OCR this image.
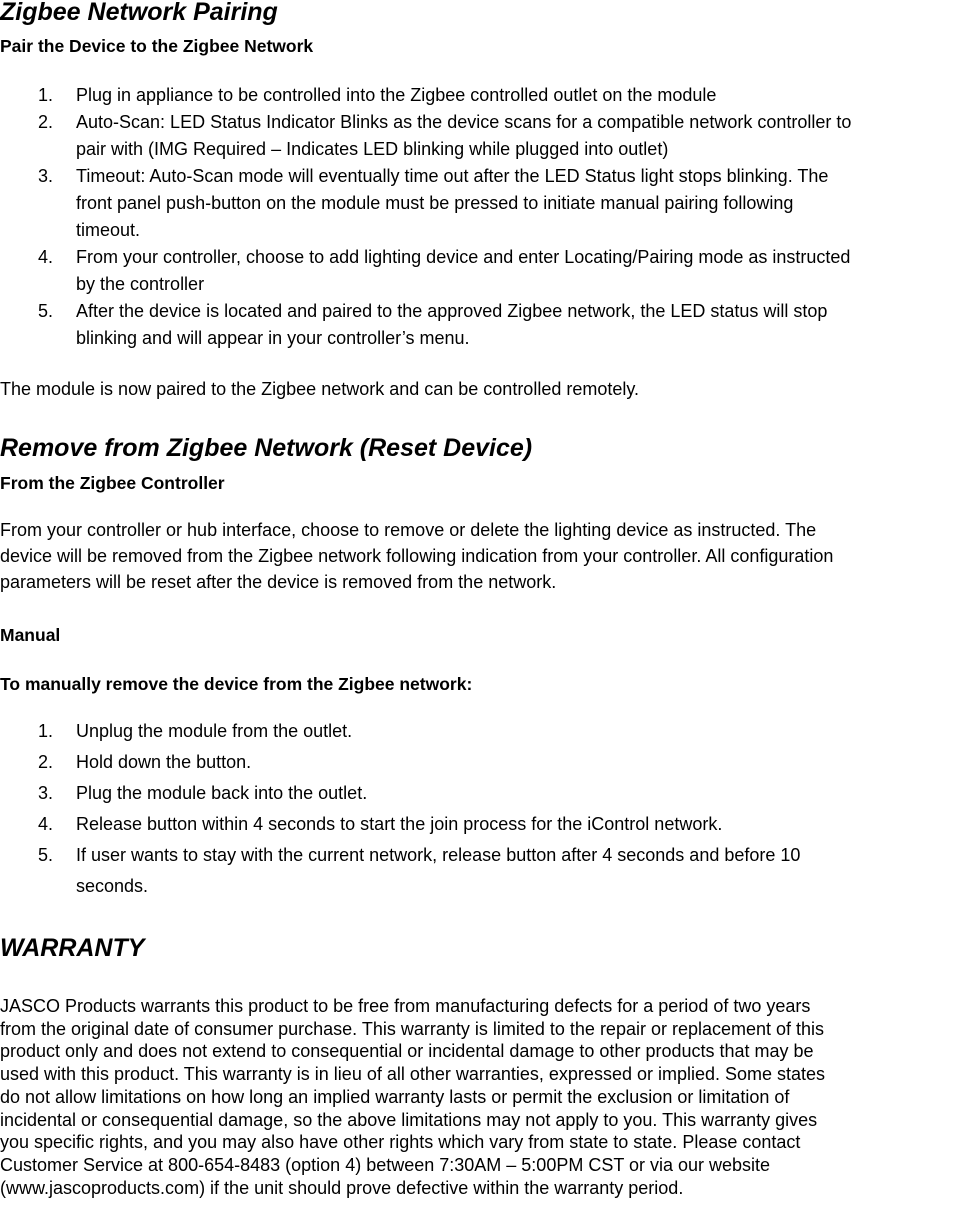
Zigbee Network Pairing
Pair the Device to the Zigbee Network
1. Plug in appliance to be controlled into the Zigbee controlled outlet on the module
2. Auto-Scan: LED Status Indicator Blinks as the device scans for a compatible network controller to
pair with (IMG Required – Indicates LED blinking while plugged into outlet)
3. Timeout: Auto-Scan mode will eventually time out after the LED Status light stops blinking. The
front panel push-button on the module must be pressed to initiate manual pairing following
timeout.
4. From your controller, choose to add lighting device and enter Locating/Pairing mode as instructed
by the controller
5. After the device is located and paired to the approved Zigbee network, the LED status will stop
blinking and will appear in your controller’s menu.
The module is now paired to the Zigbee network and can be controlled remotely.
Remove from Zigbee Network (Reset Device)
From the Zigbee Controller
From your controller or hub interface, choose to remove or delete the lighting device as instructed. The
device will be removed from the Zigbee network following indication from your controller. All configuration
parameters will be reset after the device is removed from the network.
Manual
To manually remove the device from the Zigbee network:
1. Unplug the module from the outlet.
2. Hold down the button.
3. Plug the module back into the outlet.
4. Release button within 4 seconds to start the join process for the iControl network.
5. If user wants to stay with the current network, release button after 4 seconds and before 10
seconds.
WARRANTY
JASCO Products warrants this product to be free from manufacturing defects for a period of two years
from the original date of consumer purchase. This warranty is limited to the repair or replacement of this
product only and does not extend to consequential or incidental damage to other products that may be
used with this product. This warranty is in lieu of all other warranties, expressed or implied. Some states
do not allow limitations on how long an implied warranty lasts or permit the exclusion or limitation of
incidental or consequential damage, so the above limitations may not apply to you. This warranty gives
you specific rights, and you may also have other rights which vary from state to state. Please contact
Customer Service at 800-654-8483 (option 4) between 7:30AM – 5:00PM CST or via our website
(www.jascoproducts.com) if the unit should prove defective within the warranty period.
